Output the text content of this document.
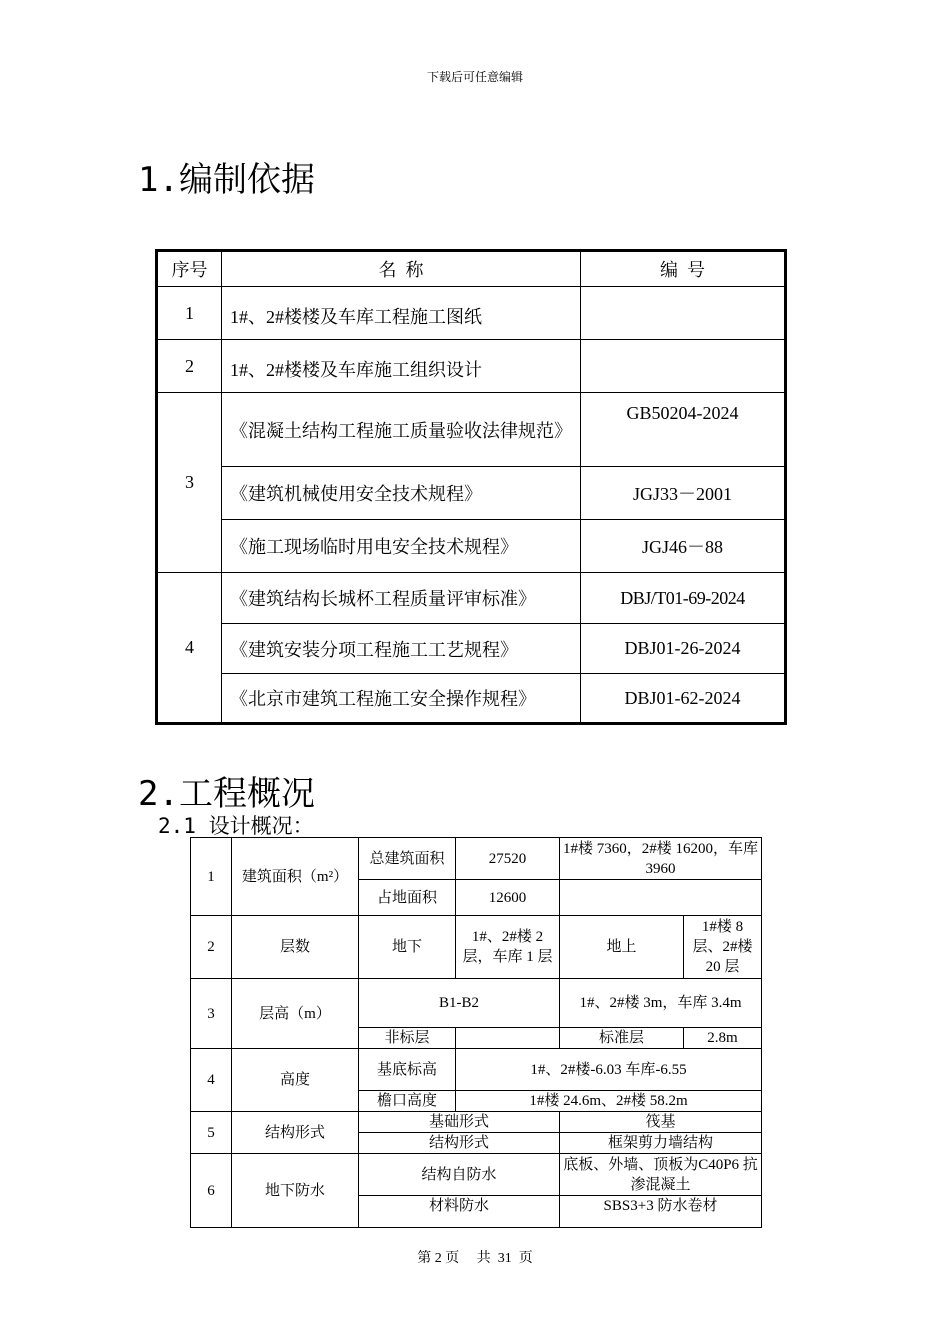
下载后可任意编辑
1.编制依据
序号	名  称	编  号
1	1#、2#楼楼及车库工程施工图纸	
2	1#、2#楼楼及车库施工组织设计	
3	《混凝土结构工程施工质量验收法律规范》	GB50204-2024
	《建筑机械使用安全技术规程》	JGJ33－2001
	《施工现场临时用电安全技术规程》	JGJ46－88
4	《建筑结构长城杯工程质量评审标准》	DBJ/T01-69-2024
	《建筑安装分项工程施工工艺规程》	DBJ01-26-2024
	《北京市建筑工程施工安全操作规程》	DBJ01-62-2024
2.工程概况
2.1 设计概况：
1	建筑面积（m²）	总建筑面积	27520	1#楼 7360，2#楼 16200，车库 3960	
		占地面积	12600		
2	层数	地下	1#、2#楼 2 层，车库 1 层	地上	1#楼 8 层、2#楼 20 层
3	层高（m）	B1-B2		1#、2#楼 3m，车库 3.4m	
		非标层		标准层	2.8m
4	高度	基底标高	1#、2#楼-6.03 车库-6.55		
		檐口高度	1#楼 24.6m、2#楼 58.2m		
5	结构形式	基础形式		筏基	
		结构形式		框架剪力墙结构	
6	地下防水	结构自防水		底板、外墙、顶板为C40P6 抗渗混凝土	
		材料防水		SBS3+3 防水卷材	
第 2 页     共  31  页
